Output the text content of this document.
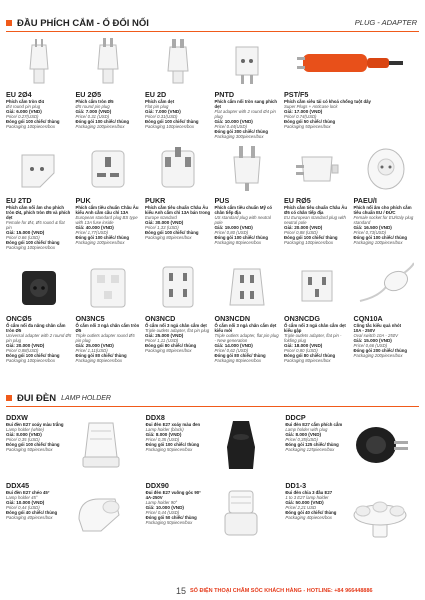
ĐẦU PHÍCH CẮM - Ổ ĐỔI NỐI	PLUG - ADAPTER
EU 2Ø4
Phích cắm tròn Ø4
Ø4 round pin plug
Giá: 6.000 (VND)
Price/ 0.27(USD)
Đóng gói 100 chiếc/ thùng
Packaging 100pieces/box
EU 2Ø5
Phích cắm tròn Ø5
Ø5 round pin plug
Giá: 7.000 (VND)
Price/ 0.31 (USD)
Đóng gói 100 chiếc/ thùng
Packaging 100pieces/box
EU 2D
Phích cắm dẹt
Flat pin plug
Giá: 7.000 (VND)
Price/ 0.31(USD)
Đóng gói 100 chiếc/ thùng
Packaging 100pieces/box
PNTD
Phích cắm nối tròn sang phích dẹt
Flat adapter with 2 round Ø4 pin plug
Giá: 10.000 (VND)
Price/ 0.44(USD)
Đóng gói 300 chiếc/ thùng
Packaging 300pieces/box
PST/F5
Phích cắm siêu tải có khoá chống tuột dây
Super Plugs + Anticase lock
Giá: 17.000 (VND)
Price/ 0.74(USD)
Đóng gói 50 chiếc/ thùng
Packaging 50pieces/box
EU 2TD
Phích cắm nối âm cho phích tròn Ø4, phích tròn Ø5 và phích dẹt
Female for Ø4, Ø5 round & flat pin
Giá: 15.000 (VND)
Price/ 0.66 (USD)
Đóng gói 100 chiếc/ thùng
Packaging 100pieces/box
PUK
Phích cắm tiêu chuẩn Châu Âu kiểu Anh cắm cầu chì 13A
European standard plug BS type with 13A fuse inside
Giá: 40.000 (VND)
Price/ 1,77(USD)
Đóng gói 100 chiếc/ thùng
Packaging 100pieces/box
PUKR
Phích cắm tiêu chuẩn Châu Âu kiểu Anh cắm chì 13A bán trong
Europe standard
Giá: 30.000 (VND)
Price/ 1,33 (USD)
Đóng gói 100 chiếc/ thùng
Packaging 80pieces/box
PUS
Phích cắm tiêu chuẩn Mỹ có chân tiếp địa
US standard plug with neutral pole
Giá: 19.000 (VND)
Price/ 0,80 (USD)
Đóng gói 100 chiếc/ thùng
Packaging 80pieces/box
EU RØ5
Phích cắm tiêu chuẩn Châu Âu Ø5 có chân tiếp địa
EU European standard plug with neutral pole
Giá: 20.000 (VND)
Price/ 0,88 (USD)
Đóng gói 100 chiếc/ thùng
Packaging 100pieces/box
PAEU/I
Phích nối âm cho phích cắm tiêu chuẩn EU / ĐỨC
Female socket for EU/Italy plug standard
Giá: 16.500 (VND)
Price/ 0,73(USD)
Đóng gói 100 chiếc/ thùng
Packaging 100pieces/box
ONCØ5
Ổ cắm nối đa năng chân cắm tròn Ø5
Universal adapter with 2 round Ø5 pin plug
Giá: 20.000 (VND)
Price/ 0,88(USD)
Đóng gói 100 chiếc/ thùng
Packaging 100pieces/box
ON3NC5
Ổ cắm nối 3 ngả chân cắm tròn Ø5
Triple outlets adapter round Ø5 pin plug
Giá: 25.000 (VND)
Price/ 1,11(USD)
Đóng gói 80 chiếc/ thùng
Packaging 80pieces/box
ON3NCD
Ổ cắm nối 3 ngả chân cắm dẹt
Triple outlets adapter, flat pin plug
Giá: 25.000 (VND)
Price/ 1,11 (USD)
Đóng gói 80 chiếc/ thùng
Packaging 80pieces/box
ON3NCDN
Ổ cắm nối 3 ngả chân cắm dẹt kiểu mới
Triple outlets adapter, flat pin plug - New generation
Giá: 14.000 (VND)
Price/ 0,62 (USD)
Đóng gói 80 chiếc/ thùng
Packaging 80pieces/box
ON3NCDG
Ổ cắm nối 3 ngả chân cắm dẹt kiểu gập
Triple outlets adapter, flat pin - folding plug
Giá: 18.000 (VND)
Price/ 0,80 (USD)
Đóng gói 80 chiếc/ thùng
Packaging 80pieces/box
CQN10A
Công tắc kiểu quả nhót
10A - 250V
Oval switch 10A - 250V
Giá: 15.000 (VND)
Price/ 0,66 (USD)
Đóng gói 200 chiếc/ thùng
Packaging 200pieces/box
ĐUI ĐÈN LAMP HOLDER
DDXW
Đui đèn E27 xoáy màu trắng
Lamp holder (white)
Giá: 8.000 (VND)
Price/ 0,35 (USD)
Đóng gói 100 chiếc/ thùng
Packaging 50pieces/box
DDX8
Đui đèn E27 xoáy màu đen
Lamp holder (black)
Giá: 8.000 (VND)
Price/ 0,35 (USD)
Đóng gói 100 chiếc/ thùng
Packaging 50pieces/box
DDCP
Đui đèn E27 cắm phích cắm
Lamp holder with plug
Giá: 8.000 (VND)
Price/ 0,35(USD)
Đóng gói 125 chiếc/ thùng
Packaging 125pieces/box
DDX45
Đui đèn E27 chéo 45°
Lamp holder 45°
Giá: 10.000 (VND)
Price/ 0,44 (USD)
Đóng gói 40 chiếc/ thùng
Packaging 40pieces/box
DDX90
Đui đèn E27 vuông góc 90° 4A-250V
Lamp holder 90°
Giá: 10.000 (VND)
Price/ 0,44 (USD)
Đóng gói 50 chiếc/ thùng
Packaging 50pieces/box
DD1-3
Đui đèn chia 3 đầu E27
1 to 3 E27 lamp holder
Giá: 50.000 (VND)
Price/ 2,21 USD
Đóng gói 40 chiếc/ thùng
Packaging 40pieces/box
15 SỐ ĐIỆN THOẠI CHĂM SÓC KHÁCH HÀNG - HOTLINE: +84 966448886
